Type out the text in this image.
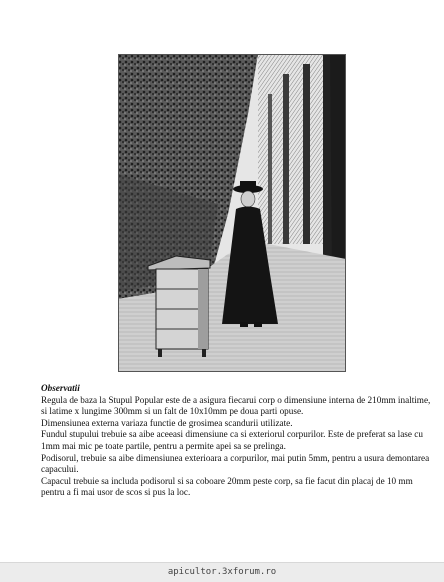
Observatii

Regula de baza la Stupul Popular este de a asigura fiecarui corp o dimensiune interna de 210mm inaltime, si latime x lungime 300mm si un falt de 10x10mm pe doua parti opuse.

Dimensiunea externa variaza functie de grosimea scandurii utilizate.

Fundul stupului trebuie sa aibe aceeasi dimensiune ca si exteriorul corpurilor. Este de preferat sa lase cu 1mm mai mic pe toate partile, pentru a permite apei sa se prelinga.

Podisorul, trebuie sa aibe dimensiunea exterioara a corpurilor, mai putin 5mm, pentru a usura demontarea capacului.

Capacul trebuie sa includa podisorul si sa coboare 20mm peste corp, sa fie facut din placaj de 10 mm pentru a fi mai usor de scos si pus la loc.

apicultor.3xforum.ro
